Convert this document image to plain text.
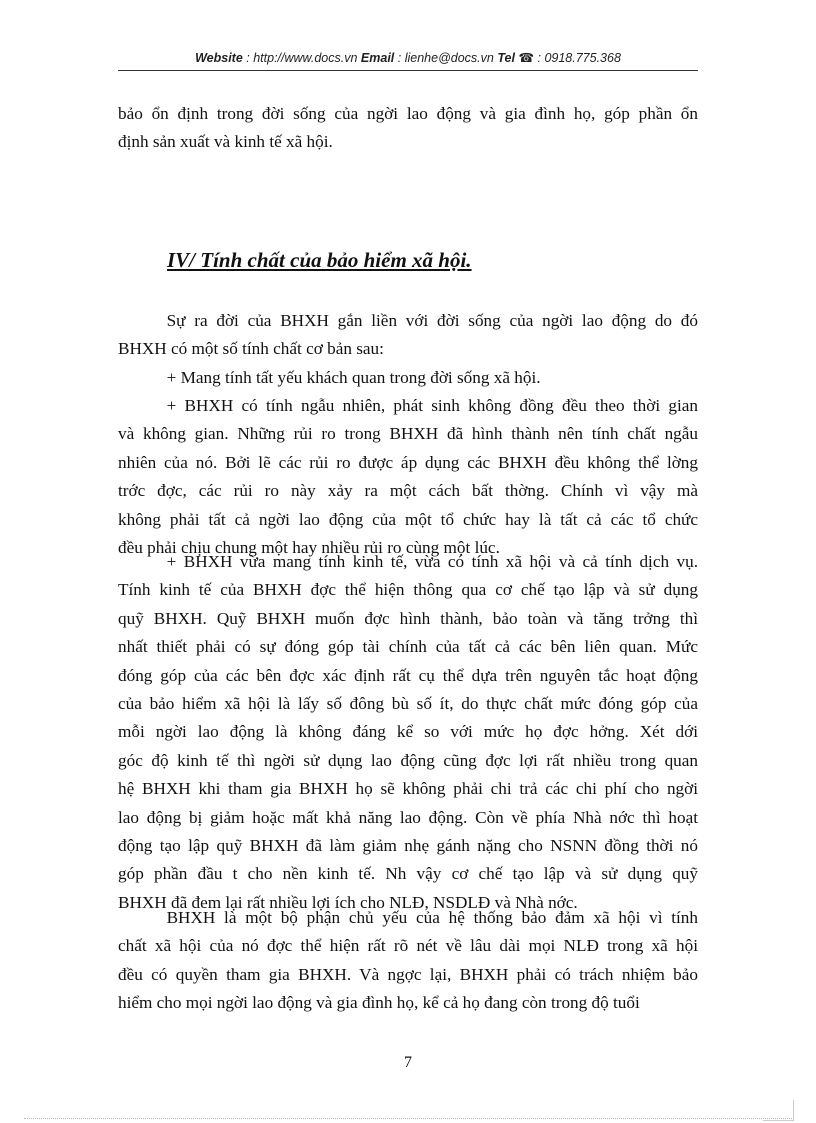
Website : http://www.docs.vn Email : lienhe@docs.vn Tel ☎ : 0918.775.368
bảo ổn định trong đời sống của ngời lao động và gia đình họ, góp phần ổn
định sản xuất và kinh tế xã hội.
IV/ Tính chất của bảo hiểm xã hội.
Sự ra đời của BHXH gắn liền với đời sống của ngời lao động do đó
BHXH có một số tính chất cơ bản sau:
+ Mang tính tất yếu khách quan trong đời sống xã hội.
+ BHXH có tính ngẫu nhiên, phát sinh không đồng đều theo thời gian
và không gian. Những rủi ro trong BHXH đã hình thành nên tính chất ngẫu
nhiên của nó. Bởi lẽ các rủi ro được áp dụng các BHXH đều không thể lờng
trớc đợc, các rủi ro này xảy ra một cách bất thờng. Chính vì vậy mà
không phải tất cả ngời lao động của một tổ chức hay là tất cả các tổ chức
đều phải chịu chung một hay nhiều rủi ro cùng một lúc.
+ BHXH vừa mang tính kinh tế, vừa có tính xã hội và cả tính dịch vụ.
Tính kinh tế của BHXH đợc thể hiện thông qua cơ chế tạo lập và sử dụng
quỹ BHXH. Quỹ BHXH muốn đợc hình thành, bảo toàn và tăng trởng thì
nhất thiết phải có sự đóng góp tài chính của tất cả các bên liên quan. Mức
đóng góp của các bên đợc xác định rất cụ thể dựa trên nguyên tắc hoạt động
của bảo hiểm xã hội là lấy số đông bù số ít, do thực chất mức đóng góp của
mỗi ngời lao động là không đáng kể so với mức họ đợc hởng. Xét dới
góc độ kinh tế thì ngời sử dụng lao động cũng đợc lợi rất nhiều trong quan
hệ BHXH khi tham gia BHXH họ sẽ không phải chi trả các chi phí cho ngời
lao động bị giảm hoặc mất khả năng lao động. Còn về phía Nhà nớc thì hoạt
động tạo lập quỹ BHXH đã làm giảm nhẹ gánh nặng cho NSNN đồng thời nó
góp phần đầu t cho nền kinh tế. Nh vậy cơ chế tạo lập và sử dụng quỹ
BHXH đã đem lại rất nhiều lợi ích cho NLĐ, NSDLĐ và Nhà nớc.
BHXH là một bộ phận chủ yếu của hệ thống bảo đảm xã hội vì tính
chất xã hội của nó đợc thể hiện rất rõ nét về lâu dài mọi NLĐ trong xã hội
đều có quyền tham gia BHXH. Và ngợc lại, BHXH phải có trách nhiệm bảo
hiểm cho mọi ngời lao động và gia đình họ, kể cả họ đang còn trong độ tuổi
7
